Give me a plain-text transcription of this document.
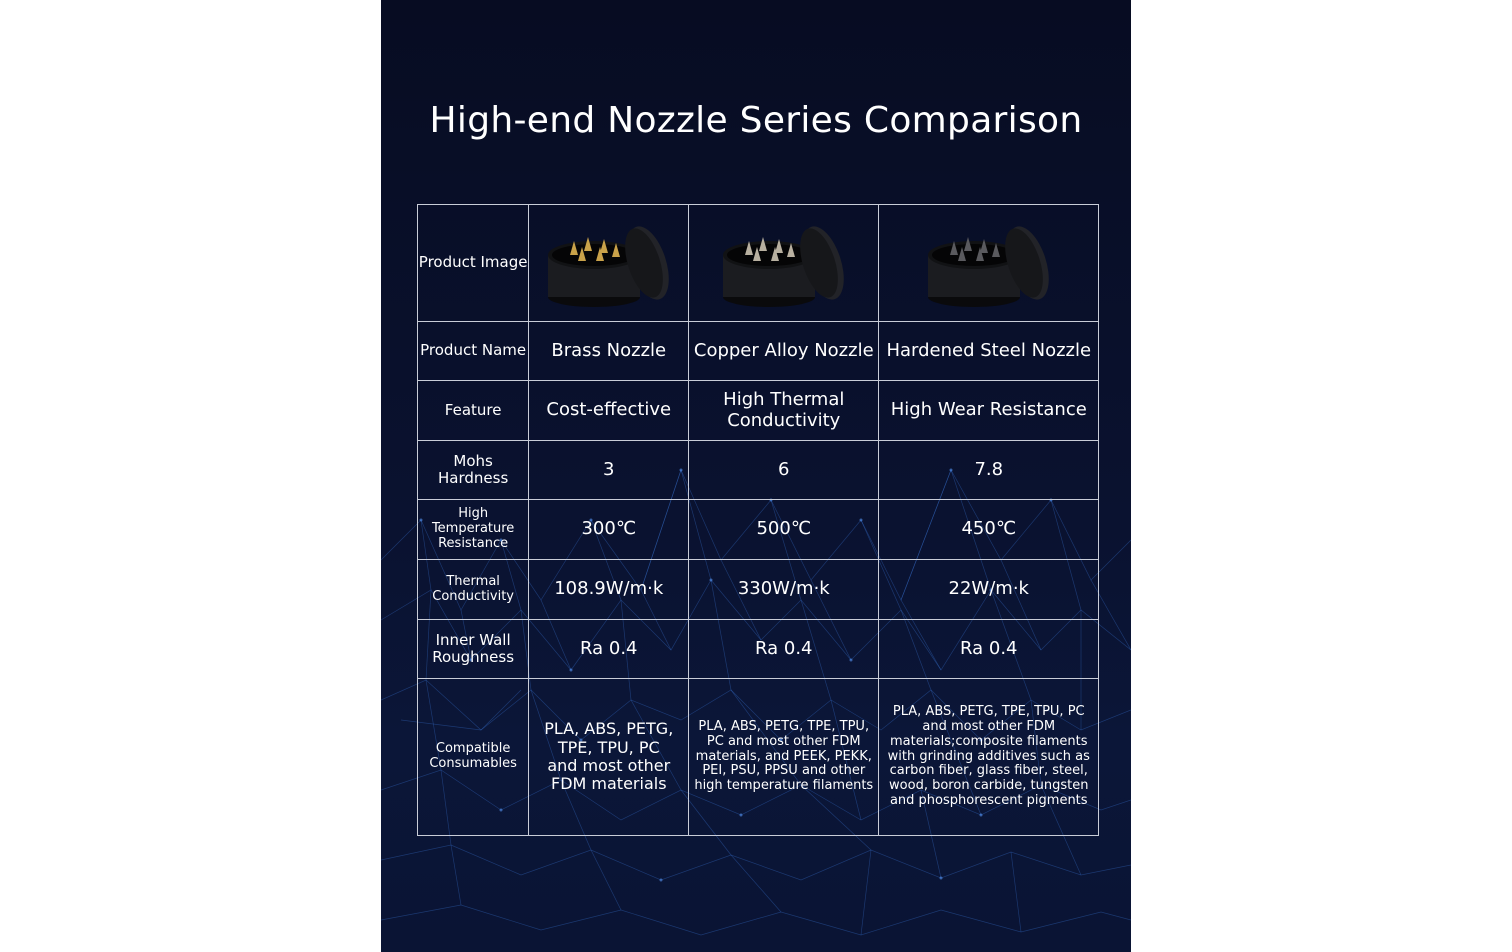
High-end Nozzle Series Comparison
Product Image	

Product Name	Brass Nozzle	Copper Alloy Nozzle	Hardened Steel Nozzle
Feature	Cost-effective	High Thermal Conductivity	High Wear Resistance

Mohs Hardness	3	6	7.8
High Temperature Resistance	300℃	500℃	450℃
Thermal Conductivity	108.9W/m·k	330W/m·k	22W/m·k
Inner Wall Roughness	Ra 0.4	Ra 0.4	Ra 0.4
Compatible Consumables	PLA, ABS, PETG, TPE, TPU, PC and most other FDM materials	PLA, ABS, PETG, TPE, TPU, PC and most other FDM materials, and PEEK, PEKK, PEI, PSU, PPSU and other high temperature filaments	PLA, ABS, PETG, TPE, TPU, PC and most other FDM materials;composite filaments with grinding additives such as carbon fiber, glass fiber, steel, wood, boron carbide, tungsten and phosphorescent pigments
